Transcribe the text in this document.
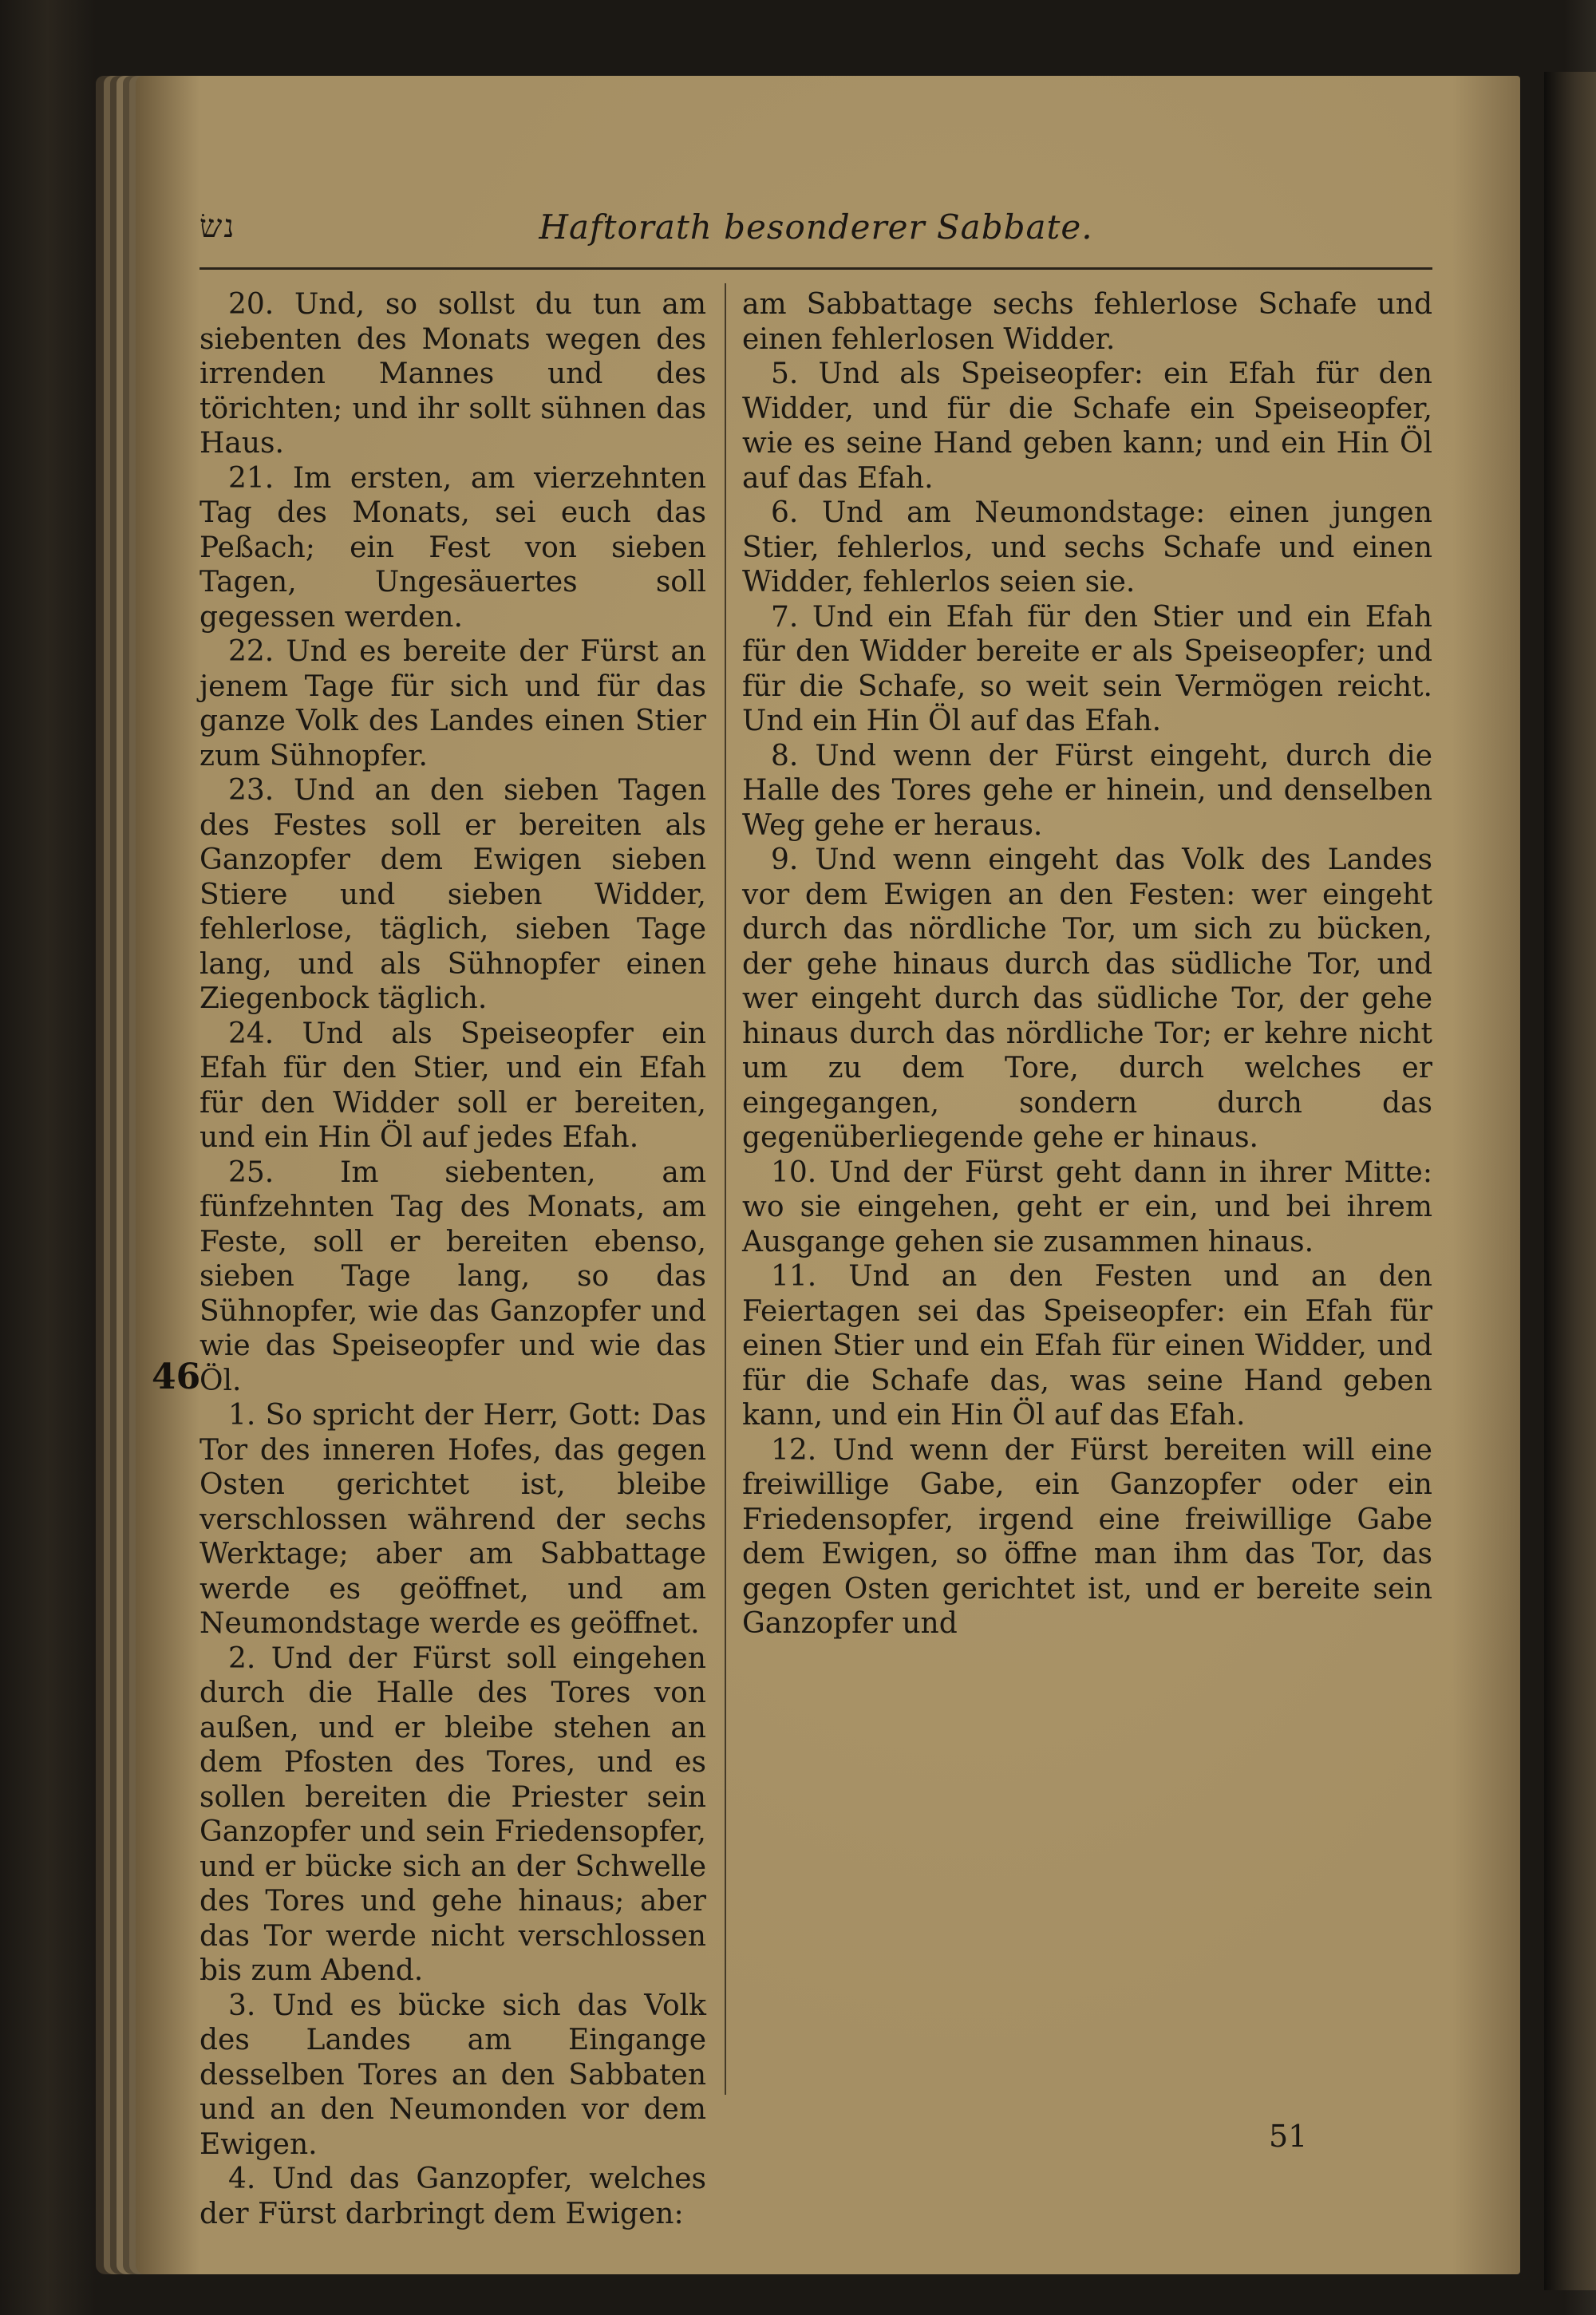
נשׂ	Haftorath besonderer Sabbate.
46

20. Und, so sollst du tun am siebenten des Monats wegen des irrenden Mannes und des törichten; und ihr sollt sühnen das Haus.

21. Im ersten, am vierzehnten Tag des Monats, sei euch das Peßach; ein Fest von sieben Tagen, Ungesäuertes soll gegessen werden.

22. Und es bereite der Fürst an jenem Tage für sich und für das ganze Volk des Landes einen Stier zum Sühnopfer.

23. Und an den sieben Tagen des Festes soll er bereiten als Ganzopfer dem Ewigen sieben Stiere und sieben Widder, fehlerlose, täglich, sieben Tage lang, und als Sühnopfer einen Ziegenbock täglich.

24. Und als Speiseopfer ein Efah für den Stier, und ein Efah für den Widder soll er bereiten, und ein Hin Öl auf jedes Efah.

25. Im siebenten, am fünfzehnten Tag des Monats, am Feste, soll er bereiten ebenso, sieben Tage lang, so das Sühnopfer, wie das Ganzopfer und wie das Speiseopfer und wie das Öl.

1. So spricht der Herr, Gott: Das Tor des inneren Hofes, das gegen Osten gerichtet ist, bleibe verschlossen während der sechs Werktage; aber am Sabbattage werde es geöffnet, und am Neumondstage werde es geöffnet.

2. Und der Fürst soll eingehen durch die Halle des Tores von außen, und er bleibe stehen an dem Pfosten des Tores, und es sollen bereiten die Priester sein Ganzopfer und sein Friedensopfer, und er bücke sich an der Schwelle des Tores und gehe hinaus; aber das Tor werde nicht verschlossen bis zum Abend.

3. Und es bücke sich das Volk des Landes am Eingange desselben Tores an den Sabbaten und an den Neumonden vor dem Ewigen.

4. Und das Ganzopfer, welches der Fürst darbringt dem Ewigen:

am Sabbattage sechs fehlerlose Schafe und einen fehlerlosen Widder.

5. Und als Speiseopfer: ein Efah für den Widder, und für die Schafe ein Speiseopfer, wie es seine Hand geben kann; und ein Hin Öl auf das Efah.

6. Und am Neumondstage: einen jungen Stier, fehlerlos, und sechs Schafe und einen Widder, fehlerlos seien sie.

7. Und ein Efah für den Stier und ein Efah für den Widder bereite er als Speiseopfer; und für die Schafe, so weit sein Vermögen reicht. Und ein Hin Öl auf das Efah.

8. Und wenn der Fürst eingeht, durch die Halle des Tores gehe er hinein, und denselben Weg gehe er heraus.

9. Und wenn eingeht das Volk des Landes vor dem Ewigen an den Festen: wer eingeht durch das nördliche Tor, um sich zu bücken, der gehe hinaus durch das südliche Tor, und wer eingeht durch das südliche Tor, der gehe hinaus durch das nördliche Tor; er kehre nicht um zu dem Tore, durch welches er eingegangen, sondern durch das gegenüberliegende gehe er hinaus.

10. Und der Fürst geht dann in ihrer Mitte: wo sie eingehen, geht er ein, und bei ihrem Ausgange gehen sie zusammen hinaus.

11. Und an den Festen und an den Feiertagen sei das Speiseopfer: ein Efah für einen Stier und ein Efah für einen Widder, und für die Schafe das, was seine Hand geben kann, und ein Hin Öl auf das Efah.

12. Und wenn der Fürst bereiten will eine freiwillige Gabe, ein Ganzopfer oder ein Friedensopfer, irgend eine freiwillige Gabe dem Ewigen, so öffne man ihm das Tor, das gegen Osten gerichtet ist, und er bereite sein Ganzopfer und

51
